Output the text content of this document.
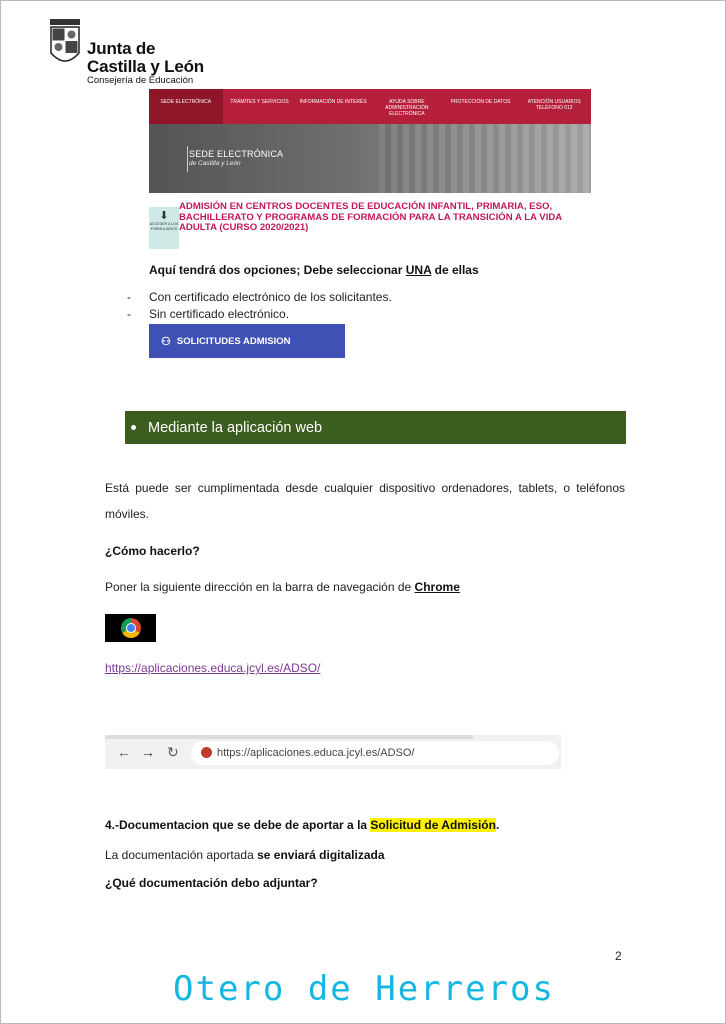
Junta de
Castilla y León
Consejería de Educación
SEDE ELECTRÓNICA	TRÁMITES Y SERVICIOS	INFORMACIÓN DE INTERÉS	AYUDA SOBRE ADMINISTRACIÓN ELECTRÓNICA
PROTECCIÓN DE DATOS	ATENCIÓN USUARIOS TELÉFONO 012
SEDE ELECTRÓNICA
de Castilla y León
⬇
ACCEDER A LOS FORMULARIOS
ADMISIÓN EN CENTROS DOCENTES DE EDUCACIÓN INFANTIL, PRIMARIA, ESO, BACHILLERATO Y PROGRAMAS DE FORMACIÓN PARA LA TRANSICIÓN A LA VIDA ADULTA (CURSO 2020/2021)
Aquí tendrá dos opciones; Debe seleccionar UNA de ellas
- Con certificado electrónico de los solicitantes.
- Sin certificado electrónico.
⚇ SOLICITUDES ADMISION
Mediante la aplicación web
Está puede ser cumplimentada desde cualquier dispositivo ordenadores, tablets, o teléfonos móviles.
¿Cómo hacerlo?
Poner la siguiente dirección en la barra de navegación de Chrome
https://aplicaciones.educa.jcyl.es/ADSO/
← → ↻	https://aplicaciones.educa.jcyl.es/ADSO/
4.-Documentacion que se debe de aportar a la Solicitud de Admisión.
La documentación aportada se enviará digitalizada
¿Qué documentación debo adjuntar?
2
Otero de Herreros
